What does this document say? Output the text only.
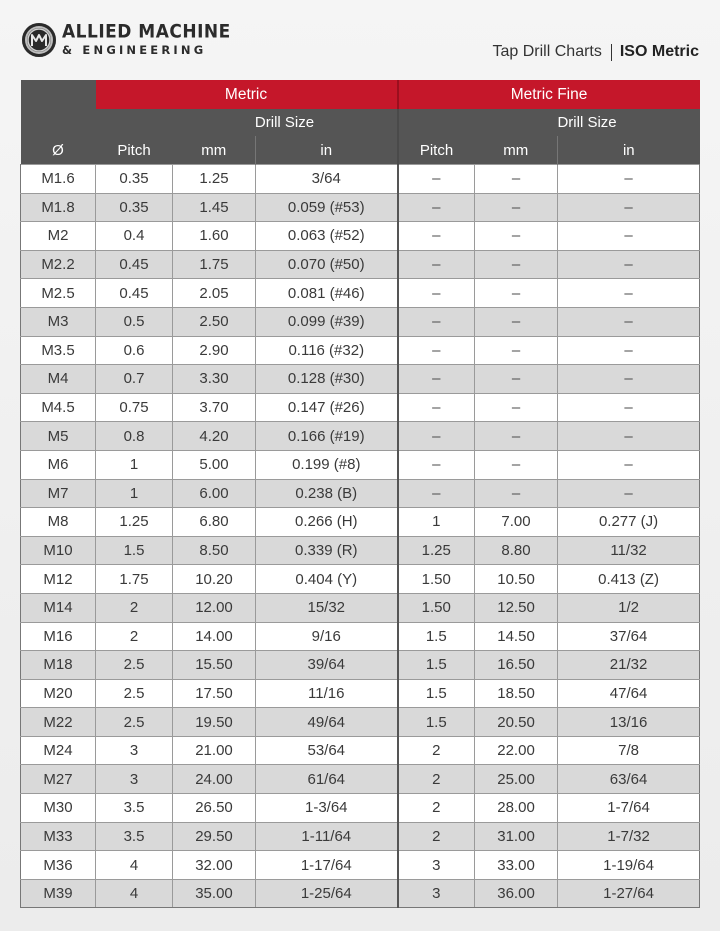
ALLIED MACHINE
& ENGINEERING	Tap Drill Charts ISO Metric
Ø	Metric			Metric Fine		
		Drill Size			Drill Size	
	Pitch	mm	in	Pitch	mm	in
M1.6	0.35	1.25	3/64	–	–	–
M1.8	0.35	1.45	0.059 (#53)	–	–	–
M2	0.4	1.60	0.063 (#52)	–	–	–
M2.2	0.45	1.75	0.070 (#50)	–	–	–
M2.5	0.45	2.05	0.081 (#46)	–	–	–
M3	0.5	2.50	0.099 (#39)	–	–	–
M3.5	0.6	2.90	0.116 (#32)	–	–	–
M4	0.7	3.30	0.128 (#30)	–	–	–
M4.5	0.75	3.70	0.147 (#26)	–	–	–
M5	0.8	4.20	0.166 (#19)	–	–	–
M6	1	5.00	0.199 (#8)	–	–	–
M7	1	6.00	0.238 (B)	–	–	–
M8	1.25	6.80	0.266 (H)	1	7.00	0.277 (J)
M10	1.5	8.50	0.339 (R)	1.25	8.80	11/32
M12	1.75	10.20	0.404 (Y)	1.50	10.50	0.413 (Z)
M14	2	12.00	15/32	1.50	12.50	1/2
M16	2	14.00	9/16	1.5	14.50	37/64
M18	2.5	15.50	39/64	1.5	16.50	21/32
M20	2.5	17.50	11/16	1.5	18.50	47/64
M22	2.5	19.50	49/64	1.5	20.50	13/16
M24	3	21.00	53/64	2	22.00	7/8
M27	3	24.00	61/64	2	25.00	63/64
M30	3.5	26.50	1-3/64	2	28.00	1-7/64
M33	3.5	29.50	1-11/64	2	31.00	1-7/32
M36	4	32.00	1-17/64	3	33.00	1-19/64
M39	4	35.00	1-25/64	3	36.00	1-27/64
